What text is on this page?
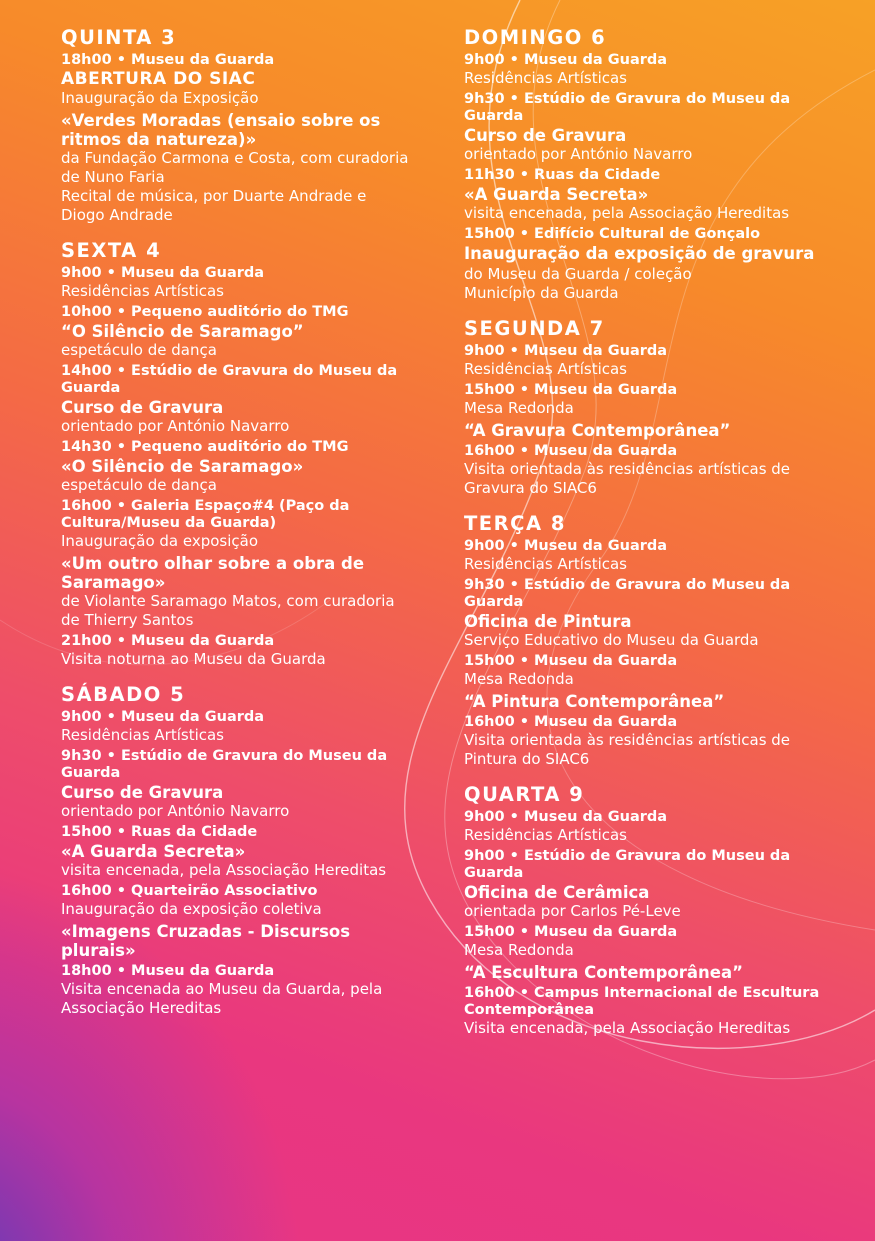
QUINTA 3
18h00 • Museu da Guarda
ABERTURA DO SIAC
Inauguração da Exposição
«Verdes Moradas (ensaio sobre os ritmos da natureza)»
da Fundação Carmona e Costa, com curadoria de Nuno Faria
Recital de música, por Duarte Andrade e Diogo Andrade
SEXTA 4
9h00 • Museu da Guarda
Residências Artísticas
10h00 • Pequeno auditório do TMG
“O Silêncio de Saramago”
espetáculo de dança
14h00 • Estúdio de Gravura do Museu da Guarda
Curso de Gravura
orientado por António Navarro
14h30 • Pequeno auditório do TMG
«O Silêncio de Saramago»
espetáculo de dança
16h00 • Galeria Espaço#4 (Paço da Cultura/Museu da Guarda)
Inauguração da exposição
«Um outro olhar sobre a obra de Saramago»
de Violante Saramago Matos, com curadoria de Thierry Santos
21h00 • Museu da Guarda
Visita noturna ao Museu da Guarda
SÁBADO 5
9h00 • Museu da Guarda
Residências Artísticas
9h30 • Estúdio de Gravura do Museu da Guarda
Curso de Gravura
orientado por António Navarro
15h00 • Ruas da Cidade
«A Guarda Secreta»
visita encenada, pela Associação Hereditas
16h00 • Quarteirão Associativo
Inauguração da exposição coletiva
«Imagens Cruzadas - Discursos plurais»
18h00 • Museu da Guarda
Visita encenada ao Museu da Guarda, pela Associação Hereditas
DOMINGO 6
9h00 • Museu da Guarda
Residências Artísticas
9h30 • Estúdio de Gravura do Museu da Guarda
Curso de Gravura
orientado por António Navarro
11h30 • Ruas da Cidade
«A Guarda Secreta»
visita encenada, pela Associação Hereditas
15h00 • Edifício Cultural de Gonçalo
Inauguração da exposição de gravura do Museu da Guarda / coleção
Município da Guarda
SEGUNDA 7
9h00 • Museu da Guarda
Residências Artísticas
15h00 • Museu da Guarda
Mesa Redonda
“A Gravura Contemporânea”
16h00 • Museu da Guarda
Visita orientada às residências artísticas de Gravura do SIAC6
TERÇA 8
9h00 • Museu da Guarda
Residências Artísticas
9h30 • Estúdio de Gravura do Museu da Guarda
Oficina de Pintura
Serviço Educativo do Museu da Guarda
15h00 • Museu da Guarda
Mesa Redonda
“A Pintura Contemporânea”
16h00 • Museu da Guarda
Visita orientada às residências artísticas de Pintura do SIAC6
QUARTA 9
9h00 • Museu da Guarda
Residências Artísticas
9h00 • Estúdio de Gravura do Museu da Guarda
Oficina de Cerâmica
orientada por Carlos Pé-Leve
15h00 • Museu da Guarda
Mesa Redonda
“A Escultura Contemporânea”
16h00 • Campus Internacional de Escultura Contemporânea
Visita encenada, pela Associação Hereditas
